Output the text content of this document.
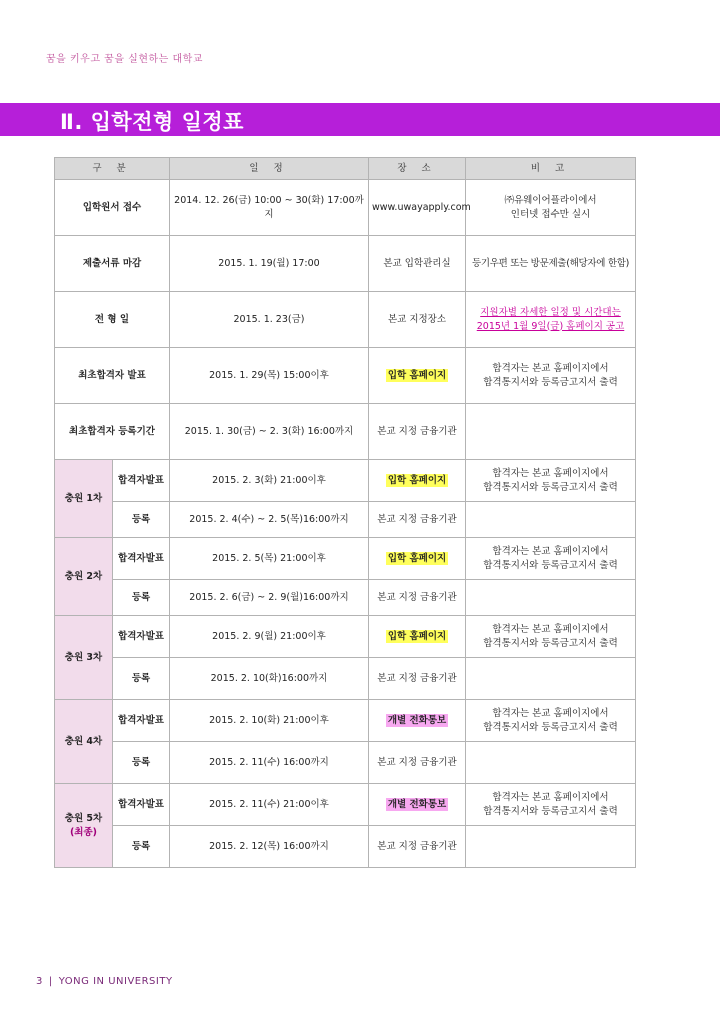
꿈을 키우고 꿈을 실현하는 대학교
Ⅱ. 입학전형 일정표
구 분		일 정	장 소	비 고
입학원서 접수		2014. 12. 26(금) 10:00 ~ 30(화) 17:00까지	www.uwayapply.com	㈜유웨이어플라이에서
인터넷 접수만 실시
제출서류 마감		2015. 1. 19(월) 17:00	본교 입학관리실	등기우편 또는 방문제출(해당자에 한함)
전 형 일		2015. 1. 23(금)	본교 지정장소	지원자별 자세한 일정 및 시간대는
2015년 1월 9일(금) 홈페이지 공고
최초합격자 발표		2015. 1. 29(목) 15:00이후	입학 홈페이지	합격자는 본교 홈페이지에서
합격통지서와 등록금고지서 출력
최초합격자 등록기간		2015. 1. 30(금) ~ 2. 3(화) 16:00까지	본교 지정 금융기관	
충원 1차	합격자발표	2015. 2. 3(화) 21:00이후	입학 홈페이지	합격자는 본교 홈페이지에서
합격통지서와 등록금고지서 출력
	등록	2015. 2. 4(수) ~ 2. 5(목)16:00까지	본교 지정 금융기관	
충원 2차	합격자발표	2015. 2. 5(목) 21:00이후	입학 홈페이지	합격자는 본교 홈페이지에서
합격통지서와 등록금고지서 출력
	등록	2015. 2. 6(금) ~ 2. 9(월)16:00까지	본교 지정 금융기관	
충원 3차	합격자발표	2015. 2. 9(월) 21:00이후	입학 홈페이지	합격자는 본교 홈페이지에서
합격통지서와 등록금고지서 출력
	등록	2015. 2. 10(화)16:00까지	본교 지정 금융기관	
충원 4차	합격자발표	2015. 2. 10(화) 21:00이후	개별 전화통보	합격자는 본교 홈페이지에서
합격통지서와 등록금고지서 출력
	등록	2015. 2. 11(수) 16:00까지	본교 지정 금융기관	
충원 5차
(최종)	합격자발표	2015. 2. 11(수) 21:00이후	개별 전화통보	합격자는 본교 홈페이지에서
합격통지서와 등록금고지서 출력
	등록	2015. 2. 12(목) 16:00까지	본교 지정 금융기관	
3 | YONG IN UNIVERSITY
